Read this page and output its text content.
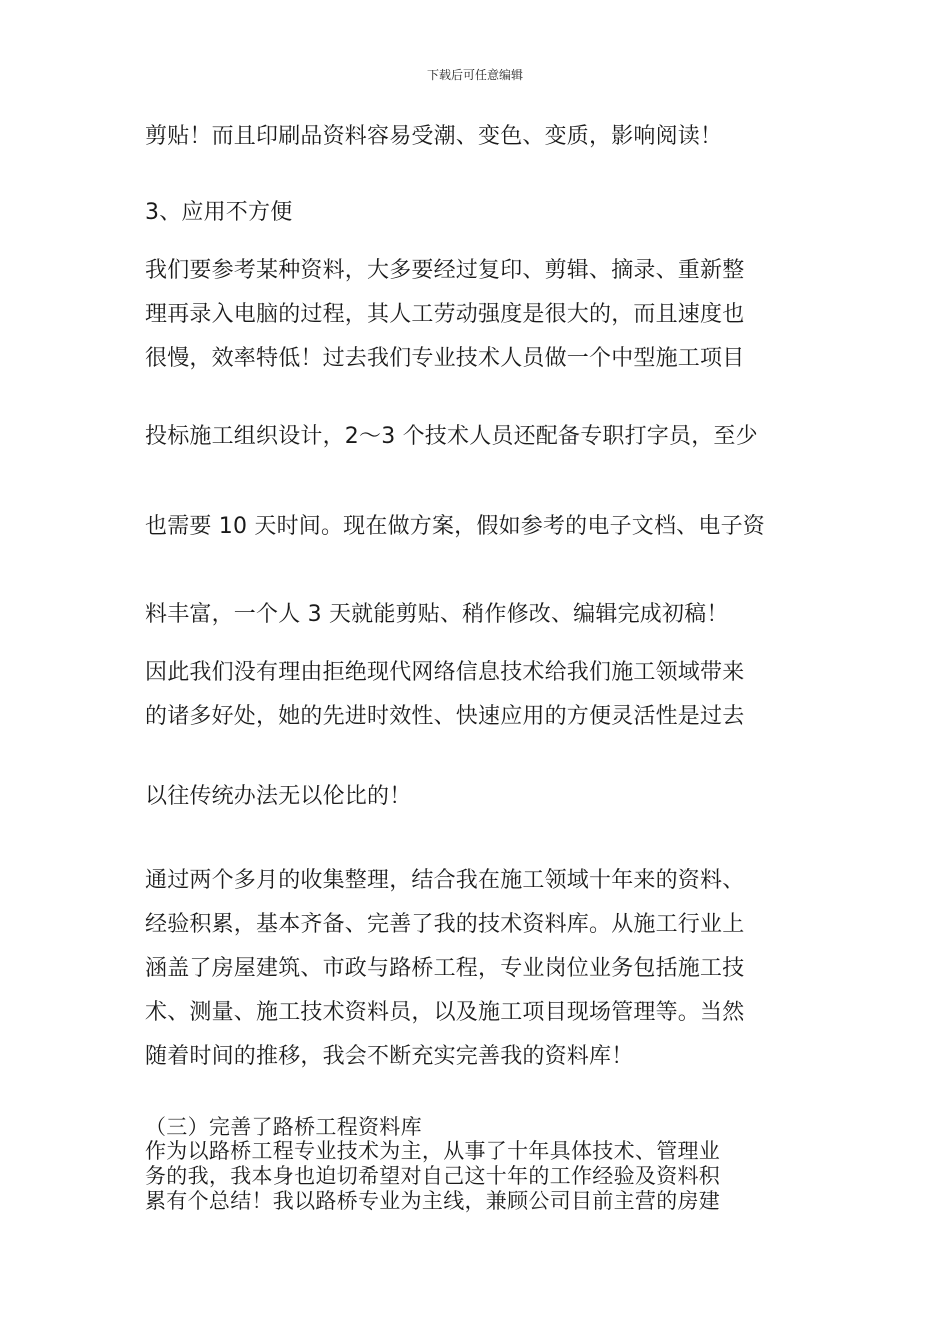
下载后可任意编辑
剪贴！而且印刷品资料容易受潮、变色、变质，影响阅读！
3、应用不方便
我们要参考某种资料，大多要经过复印、剪辑、摘录、重新整
理再录入电脑的过程，其人工劳动强度是很大的，而且速度也
很慢，效率特低！过去我们专业技术人员做一个中型施工项目
投标施工组织设计，2～3 个技术人员还配备专职打字员，至少
也需要 10 天时间。现在做方案，假如参考的电子文档、电子资
料丰富，一个人 3 天就能剪贴、稍作修改、编辑完成初稿！
因此我们没有理由拒绝现代网络信息技术给我们施工领域带来
的诸多好处，她的先进时效性、快速应用的方便灵活性是过去
以往传统办法无以伦比的！
通过两个多月的收集整理，结合我在施工领域十年来的资料、
经验积累，基本齐备、完善了我的技术资料库。从施工行业上
涵盖了房屋建筑、市政与路桥工程，专业岗位业务包括施工技
术、测量、施工技术资料员，以及施工项目现场管理等。当然
随着时间的推移，我会不断充实完善我的资料库！
（三）完善了路桥工程资料库
作为以路桥工程专业技术为主，从事了十年具体技术、管理业
务的我，我本身也迫切希望对自己这十年的工作经验及资料积
累有个总结！我以路桥专业为主线，兼顾公司目前主营的房建
